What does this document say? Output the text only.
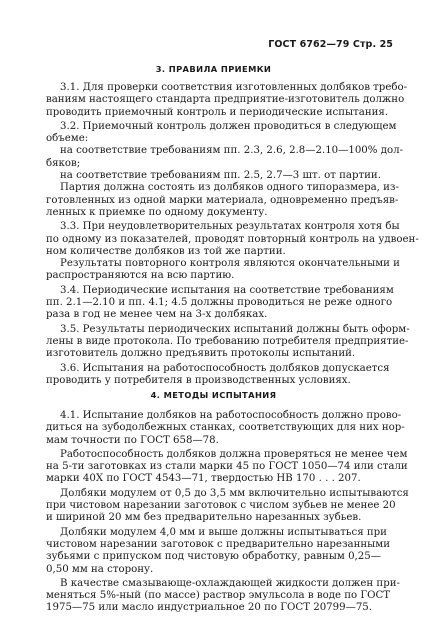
ГОСТ 6762—79 Стр. 25
3. ПРАВИЛА ПРИЕМКИ
3.1. Для проверки соответствия изготовленных долбяков требо-
ваниям настоящего стандарта предприятие-изготовитель должно
проводить приемочный контроль и периодические испытания.
3.2. Приемочный контроль должен проводиться в следующем
объеме:
на соответствие требованиям пп. 2.3, 2.6, 2.8—2.10—100% дол-
бяков;
на соответствие требованиям пп. 2.5, 2.7—3 шт. от партии.
Партия должна состоять из долбяков одного типоразмера, из-
готовленных из одной марки материала, одновременно предъяв-
ленных к приемке по одному документу.
3.3. При неудовлетворительных результатах контроля хотя бы
по одному из показателей, проводят повторный контроль на удвоен-
ном количестве долбяков из той же партии.
Результаты повторного контроля являются окончательными и
распространяются на всю партию.
3.4. Периодические испытания на соответствие требованиям
пп. 2.1—2.10 и пп. 4.1; 4.5 должны проводиться не реже одного
раза в год не менее чем на 3-х долбяках.
3.5. Результаты периодических испытаний должны быть оформ-
лены в виде протокола. По требованию потребителя предприятие-
изготовитель должно предъявить протоколы испытаний.
3.6. Испытания на работоспособность долбяков допускается
проводить у потребителя в производственных условиях.
4. МЕТОДЫ ИСПЫТАНИЯ
4.1. Испытание долбяков на работоспособность должно прово-
диться на зубодолбежных станках, соответствующих для них нор-
мам точности по ГОСТ 658—78.
Работоспособность долбяков должна проверяться не менее чем
на 5-ти заготовках из стали марки 45 по ГОСТ 1050—74 или стали
марки 40Х по ГОСТ 4543—71, твердостью НВ 170 . . . 207.
Долбяки модулем от 0,5 до 3,5 мм включительно испытываются
при чистовом нарезании заготовок с числом зубьев не менее 20
и шириной 20 мм без предварительно нарезанных зубьев.
Долбяки модулем 4,0 мм и выше должны испытываться при
чистовом нарезании заготовок с предварительно нарезанными
зубьями с припуском под чистовую обработку, равным 0,25—
0,50 мм на сторону.
В качестве смазывающе-охлаждающей жидкости должен при-
меняться 5%-ный (по массе) раствор эмульсола в воде по ГОСТ
1975—75 или масло индустриальное 20 по ГОСТ 20799—75.
